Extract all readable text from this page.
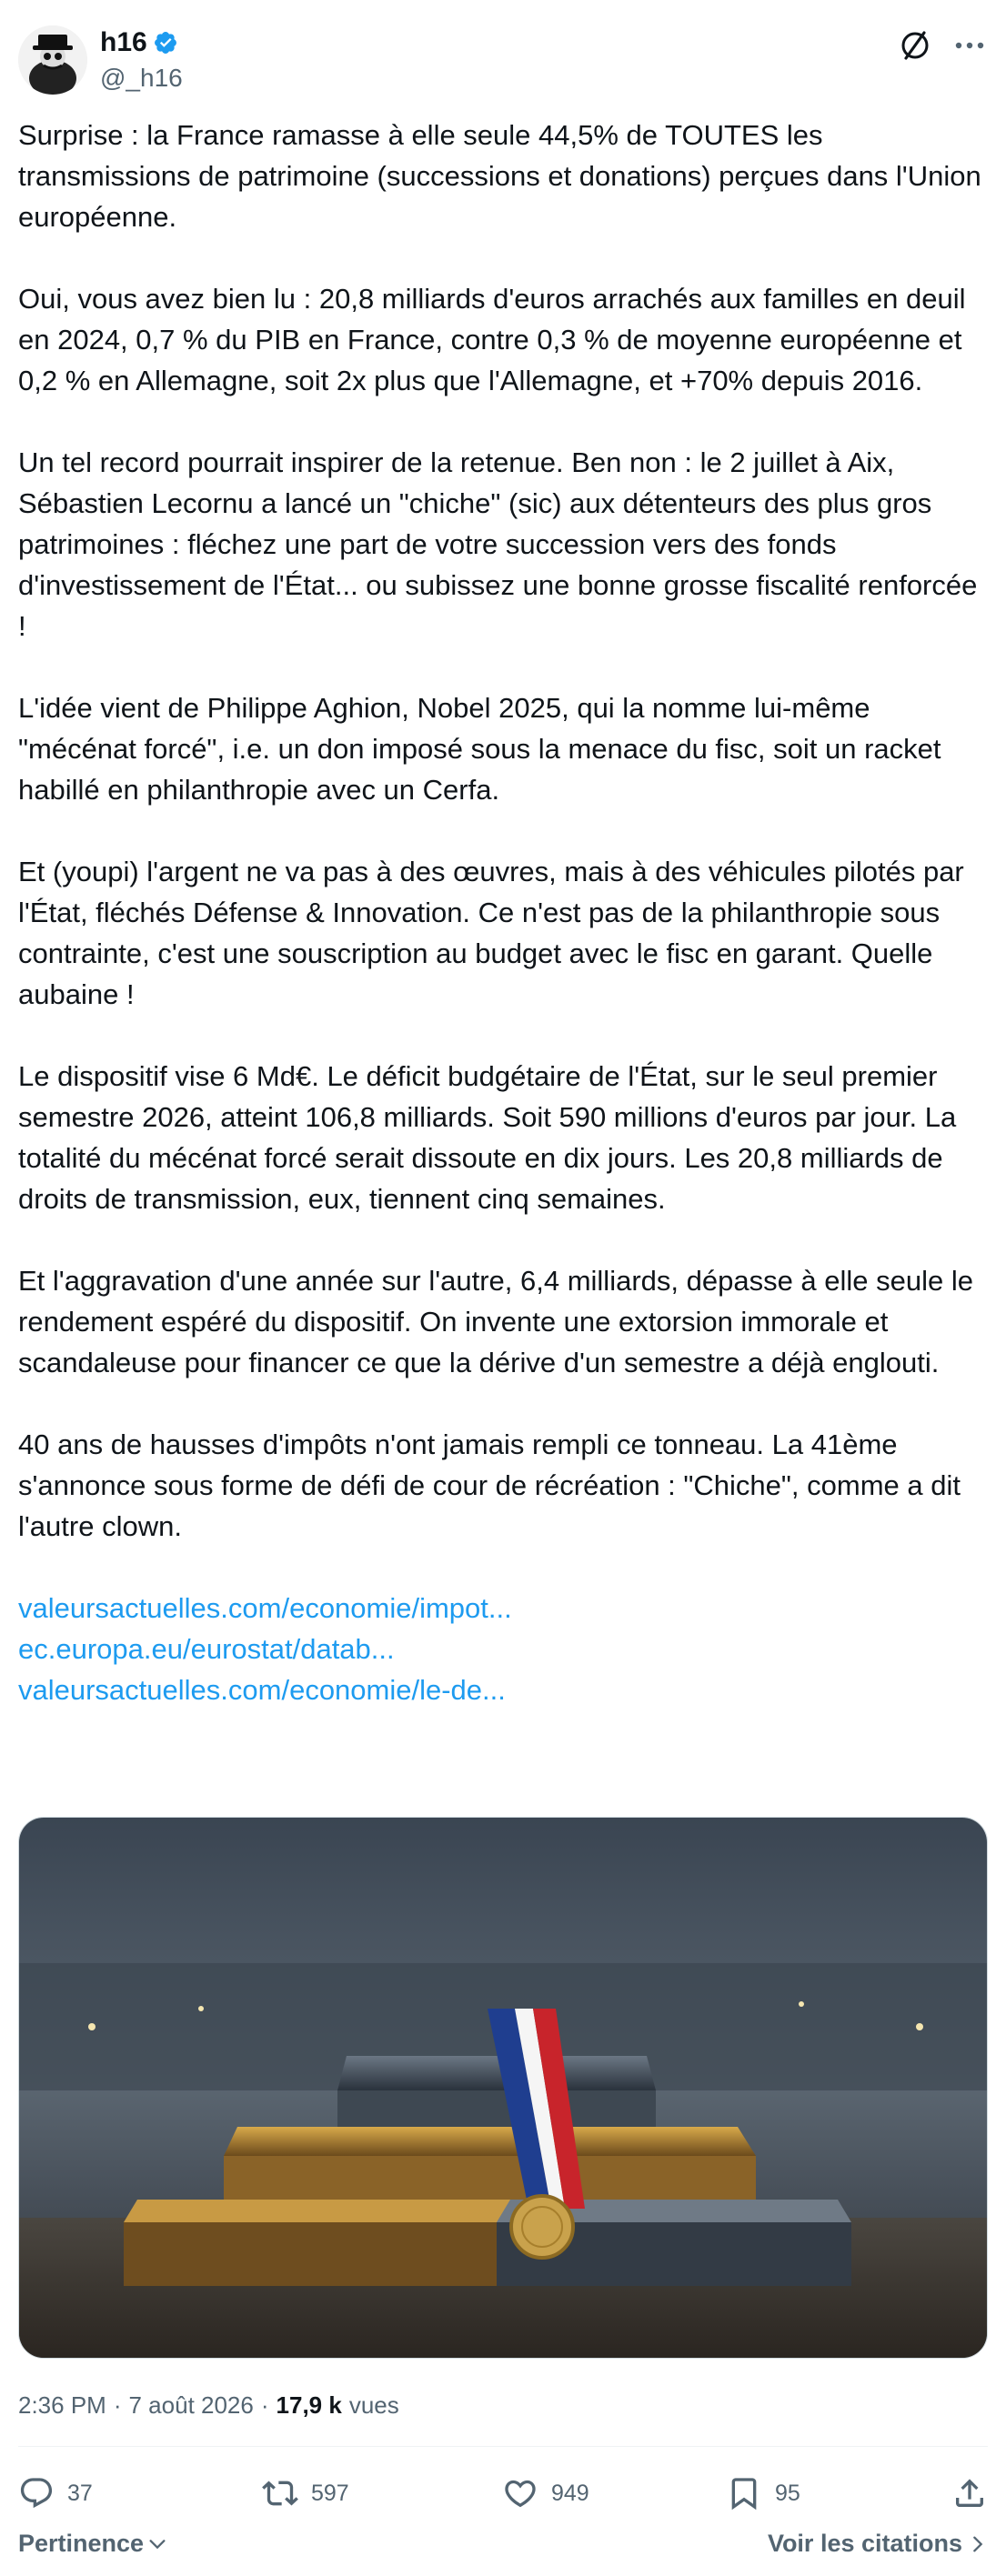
h16
@_h16

Surprise : la France ramasse à elle seule 44,5% de TOUTES les transmissions de patrimoine (successions et donations) perçues dans l'Union européenne.

Oui, vous avez bien lu : 20,8 milliards d'euros arrachés aux familles en deuil en 2024, 0,7 % du PIB en France, contre 0,3 % de moyenne européenne et 0,2 % en Allemagne, soit 2x plus que l'Allemagne, et +70% depuis 2016.

Un tel record pourrait inspirer de la retenue. Ben non : le 2 juillet à Aix, Sébastien Lecornu a lancé un "chiche" (sic) aux détenteurs des plus gros patrimoines : fléchez une part de votre succession vers des fonds d'investissement de l'État... ou subissez une bonne grosse fiscalité renforcée !

L'idée vient de Philippe Aghion, Nobel 2025, qui la nomme lui-même "mécénat forcé", i.e. un don imposé sous la menace du fisc, soit un racket habillé en philanthropie avec un Cerfa.

Et (youpi) l'argent ne va pas à des œuvres, mais à des véhicules pilotés par l'État, fléchés Défense & Innovation. Ce n'est pas de la philanthropie sous contrainte, c'est une souscription au budget avec le fisc en garant. Quelle aubaine !

Le dispositif vise 6 Md€. Le déficit budgétaire de l'État, sur le seul premier semestre 2026, atteint 106,8 milliards. Soit 590 millions d'euros par jour. La totalité du mécénat forcé serait dissoute en dix jours. Les 20,8 milliards de droits de transmission, eux, tiennent cinq semaines.

Et l'aggravation d'une année sur l'autre, 6,4 milliards, dépasse à elle seule le rendement espéré du dispositif. On invente une extorsion immorale et scandaleuse pour financer ce que la dérive d'un semestre a déjà englouti.

40 ans de hausses d'impôts n'ont jamais rempli ce tonneau. La 41ème s'annonce sous forme de défi de cour de récréation : "Chiche", comme a dit l'autre clown.

valeursactuelles.com/economie/impot...
ec.europa.eu/eurostat/datab...
valeursactuelles.com/economie/le-de...
2:36 PM · 7 août 2026 · 17,9 k vues
37	597	949	95
Pertinence	Voir les citations
